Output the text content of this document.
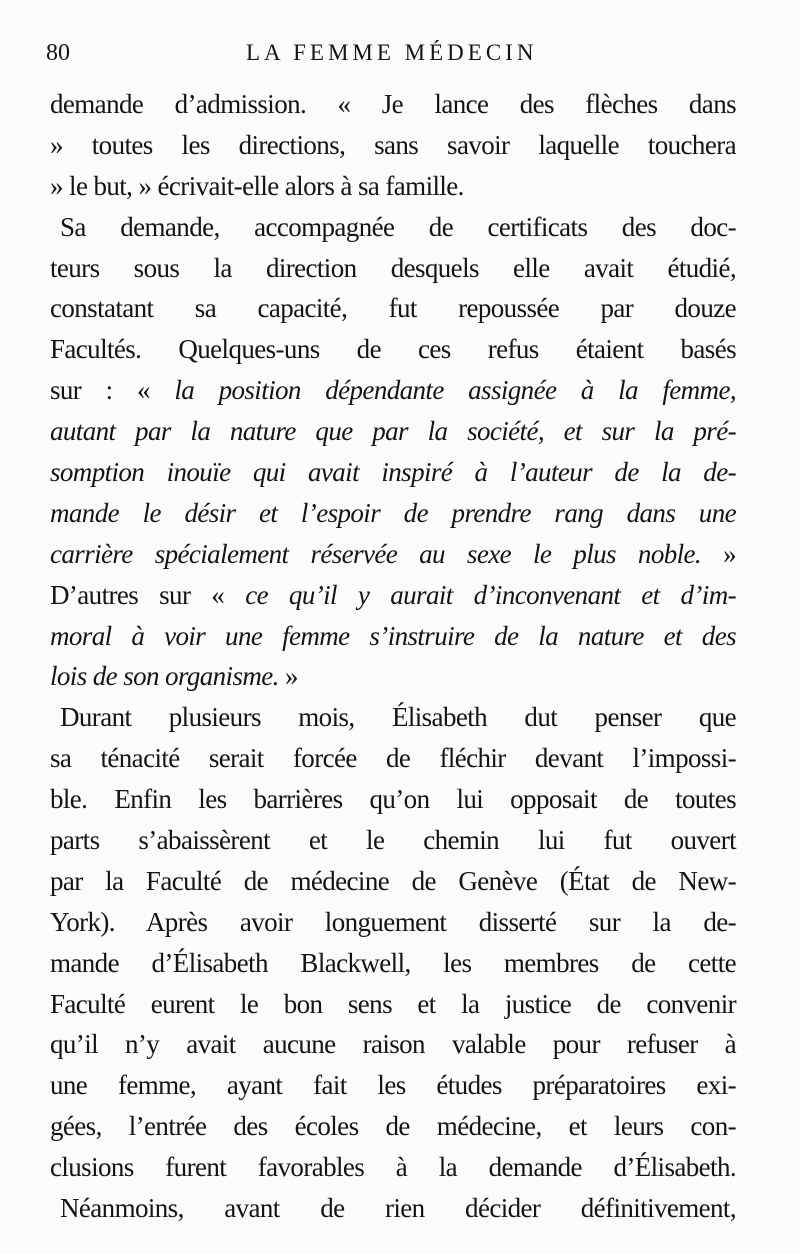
80	LA FEMME MÉDECIN
demande d’admission. « Je lance des flèches dans
» toutes les directions, sans savoir laquelle touchera
» le but, » écrivait-elle alors à sa famille.
Sa demande, accompagnée de certificats des doc-
teurs sous la direction desquels elle avait étudié,
constatant sa capacité, fut repoussée par douze
Facultés. Quelques-uns de ces refus étaient basés
sur : « la position dépendante assignée à la femme,
autant par la nature que par la société, et sur la pré-
somption inouïe qui avait inspiré à l’auteur de la de-
mande le désir et l’espoir de prendre rang dans une
carrière spécialement réservée au sexe le plus noble. »
D’autres sur « ce qu’il y aurait d’inconvenant et d’im-
moral à voir une femme s’instruire de la nature et des
lois de son organisme. »
Durant plusieurs mois, Élisabeth dut penser que
sa ténacité serait forcée de fléchir devant l’impossi-
ble. Enfin les barrières qu’on lui opposait de toutes
parts s’abaissèrent et le chemin lui fut ouvert
par la Faculté de médecine de Genève (État de New-
York). Après avoir longuement disserté sur la de-
mande d’Élisabeth Blackwell, les membres de cette
Faculté eurent le bon sens et la justice de convenir
qu’il n’y avait aucune raison valable pour refuser à
une femme, ayant fait les études préparatoires exi-
gées, l’entrée des écoles de médecine, et leurs con-
clusions furent favorables à la demande d’Élisabeth.
Néanmoins, avant de rien décider définitivement,
